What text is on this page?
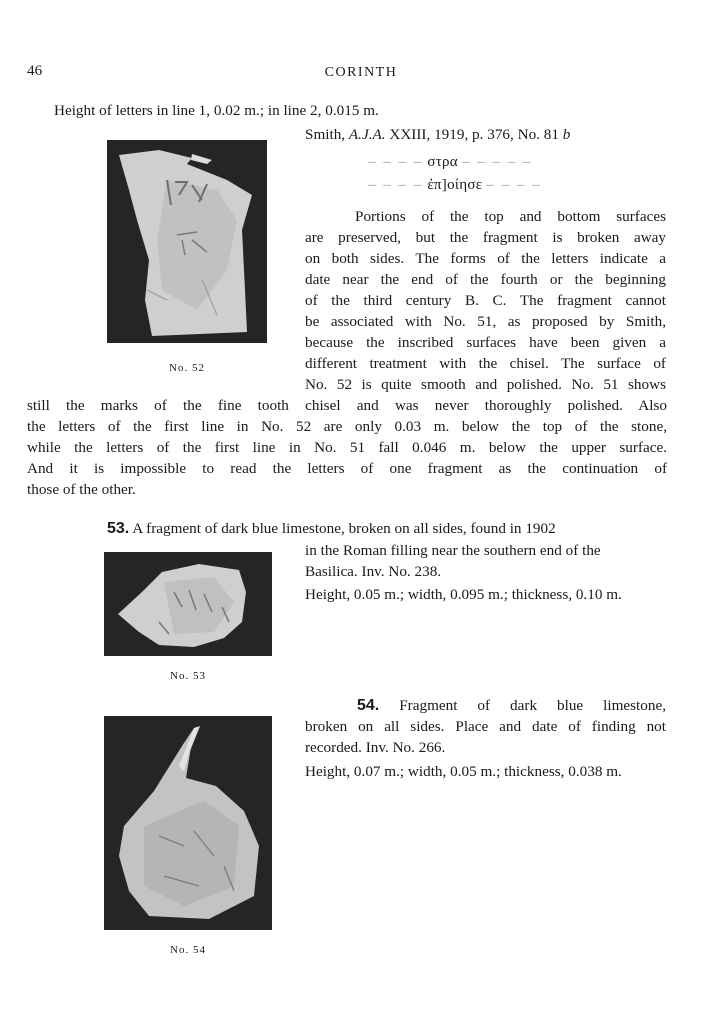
46	CORINTH
Height of letters in line 1, 0.02 m.; in line 2, 0.015 m.
Smith, A.J.A. XXIII, 1919, p. 376, No. 81 b
No. 52
– – – – στρα – – – – –
– – – – ἐπ]οίησε – – – –
Portions of the top and bottom surfaces
are preserved, but the fragment is broken away
on both sides. The forms of the letters indicate a
date near the end of the fourth or the beginning
of the third century B. C. The fragment cannot
be associated with No. 51, as proposed by Smith,
because the inscribed surfaces have been given a
different treatment with the chisel. The surface of
No. 52 is quite smooth and polished. No. 51 shows
still the marks of the fine tooth chisel and was never thoroughly polished. Also
the letters of the first line in No. 52 are only 0.03 m. below the top of the stone,
while the letters of the first line in No. 51 fall 0.046 m. below the upper surface.
And it is impossible to read the letters of one fragment as the continuation of
those of the other.
53. A fragment of dark blue limestone, broken on all sides, found in 1902
in the Roman filling near the southern end of the
Basilica. Inv. No. 238.
Height, 0.05 m.; width, 0.095 m.; thickness, 0.10 m.
No. 53
54. Fragment of dark blue limestone,
broken on all sides. Place and date of finding not
recorded. Inv. No. 266.
Height, 0.07 m.; width, 0.05 m.; thickness, 0.038 m.
No. 54
